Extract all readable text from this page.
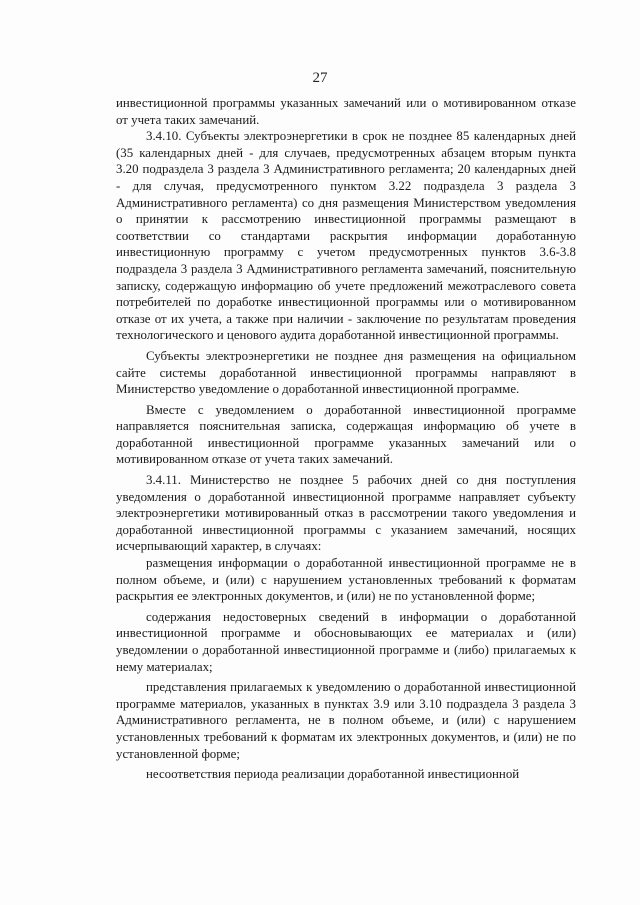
27

инвестиционной программы указанных замечаний или о мотивированном отказе от учета таких замечаний.

3.4.10. Субъекты электроэнергетики в срок не позднее 85 календарных дней (35 календарных дней - для случаев, предусмотренных абзацем вторым пункта 3.20 подраздела 3 раздела 3 Административного регламента; 20 календарных дней - для случая, предусмотренного пунктом 3.22 подраздела 3 раздела 3 Административного регламента) со дня размещения Министерством уведомления о принятии к рассмотрению инвестиционной программы размещают в соответствии со стандартами раскрытия информации доработанную инвестиционную программу с учетом предусмотренных пунктов 3.6-3.8 подраздела 3 раздела 3 Административного регламента замечаний, пояснительную записку, содержащую информацию об учете предложений межотраслевого совета потребителей по доработке инвестиционной программы или о мотивированном отказе от их учета, а также при наличии - заключение по результатам проведения технологического и ценового аудита доработанной инвестиционной программы.

Субъекты электроэнергетики не позднее дня размещения на официальном сайте системы доработанной инвестиционной программы направляют в Министерство уведомление о доработанной инвестиционной программе.

Вместе с уведомлением о доработанной инвестиционной программе направляется пояснительная записка, содержащая информацию об учете в доработанной инвестиционной программе указанных замечаний или о мотивированном отказе от учета таких замечаний.

3.4.11. Министерство не позднее 5 рабочих дней со дня поступления уведомления о доработанной инвестиционной программе направляет субъекту электроэнергетики мотивированный отказ в рассмотрении такого уведомления и доработанной инвестиционной программы с указанием замечаний, носящих исчерпывающий характер, в случаях:

размещения информации о доработанной инвестиционной программе не в полном объеме, и (или) с нарушением установленных требований к форматам раскрытия ее электронных документов, и (или) не по установленной форме;

содержания недостоверных сведений в информации о доработанной инвестиционной программе и обосновывающих ее материалах и (или) уведомлении о доработанной инвестиционной программе и (либо) прилагаемых к нему материалах;

представления прилагаемых к уведомлению о доработанной инвестиционной программе материалов, указанных в пунктах 3.9 или 3.10 подраздела 3 раздела 3 Административного регламента, не в полном объеме, и (или) с нарушением установленных требований к форматам их электронных документов, и (или) не по установленной форме;

несоответствия периода реализации доработанной инвестиционной
